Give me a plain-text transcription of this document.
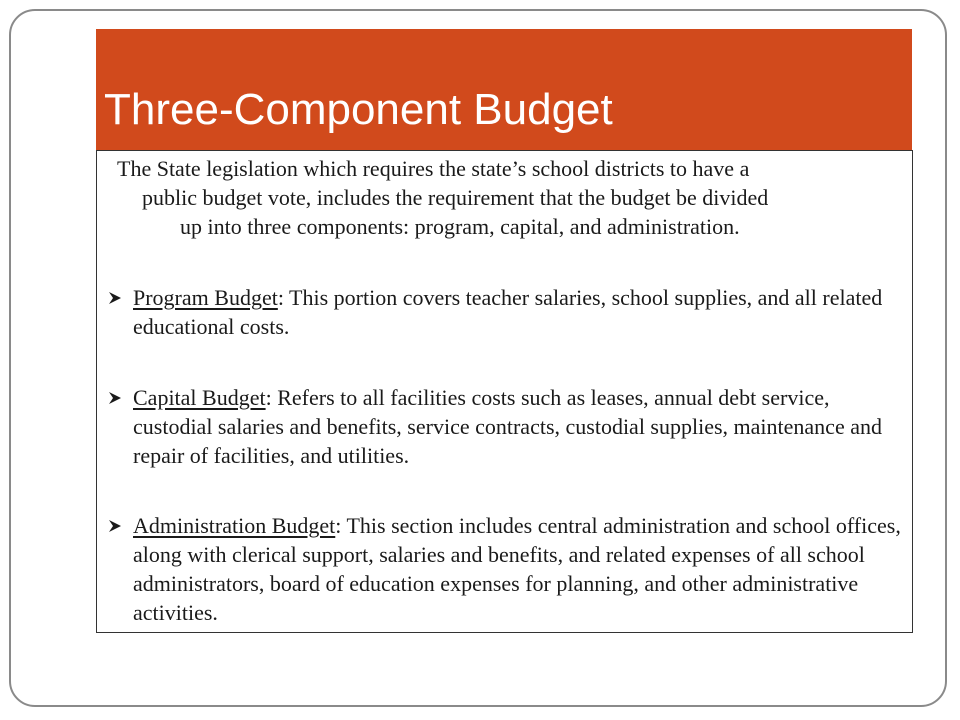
Three-Component Budget

The State legislation which requires the state’s school districts to have a
public budget vote, includes the requirement that the budget be divided
up into three components: program, capital, and administration.

Program Budget: This portion covers teacher salaries, school supplies, and all related educational costs.

Capital Budget: Refers to all facilities costs such as leases, annual debt service, custodial salaries and benefits, service contracts, custodial supplies, maintenance and repair of facilities, and utilities.

Administration Budget: This section includes central administration and school offices, along with clerical support, salaries and benefits, and related expenses of all school administrators, board of education expenses for planning, and other administrative activities.
